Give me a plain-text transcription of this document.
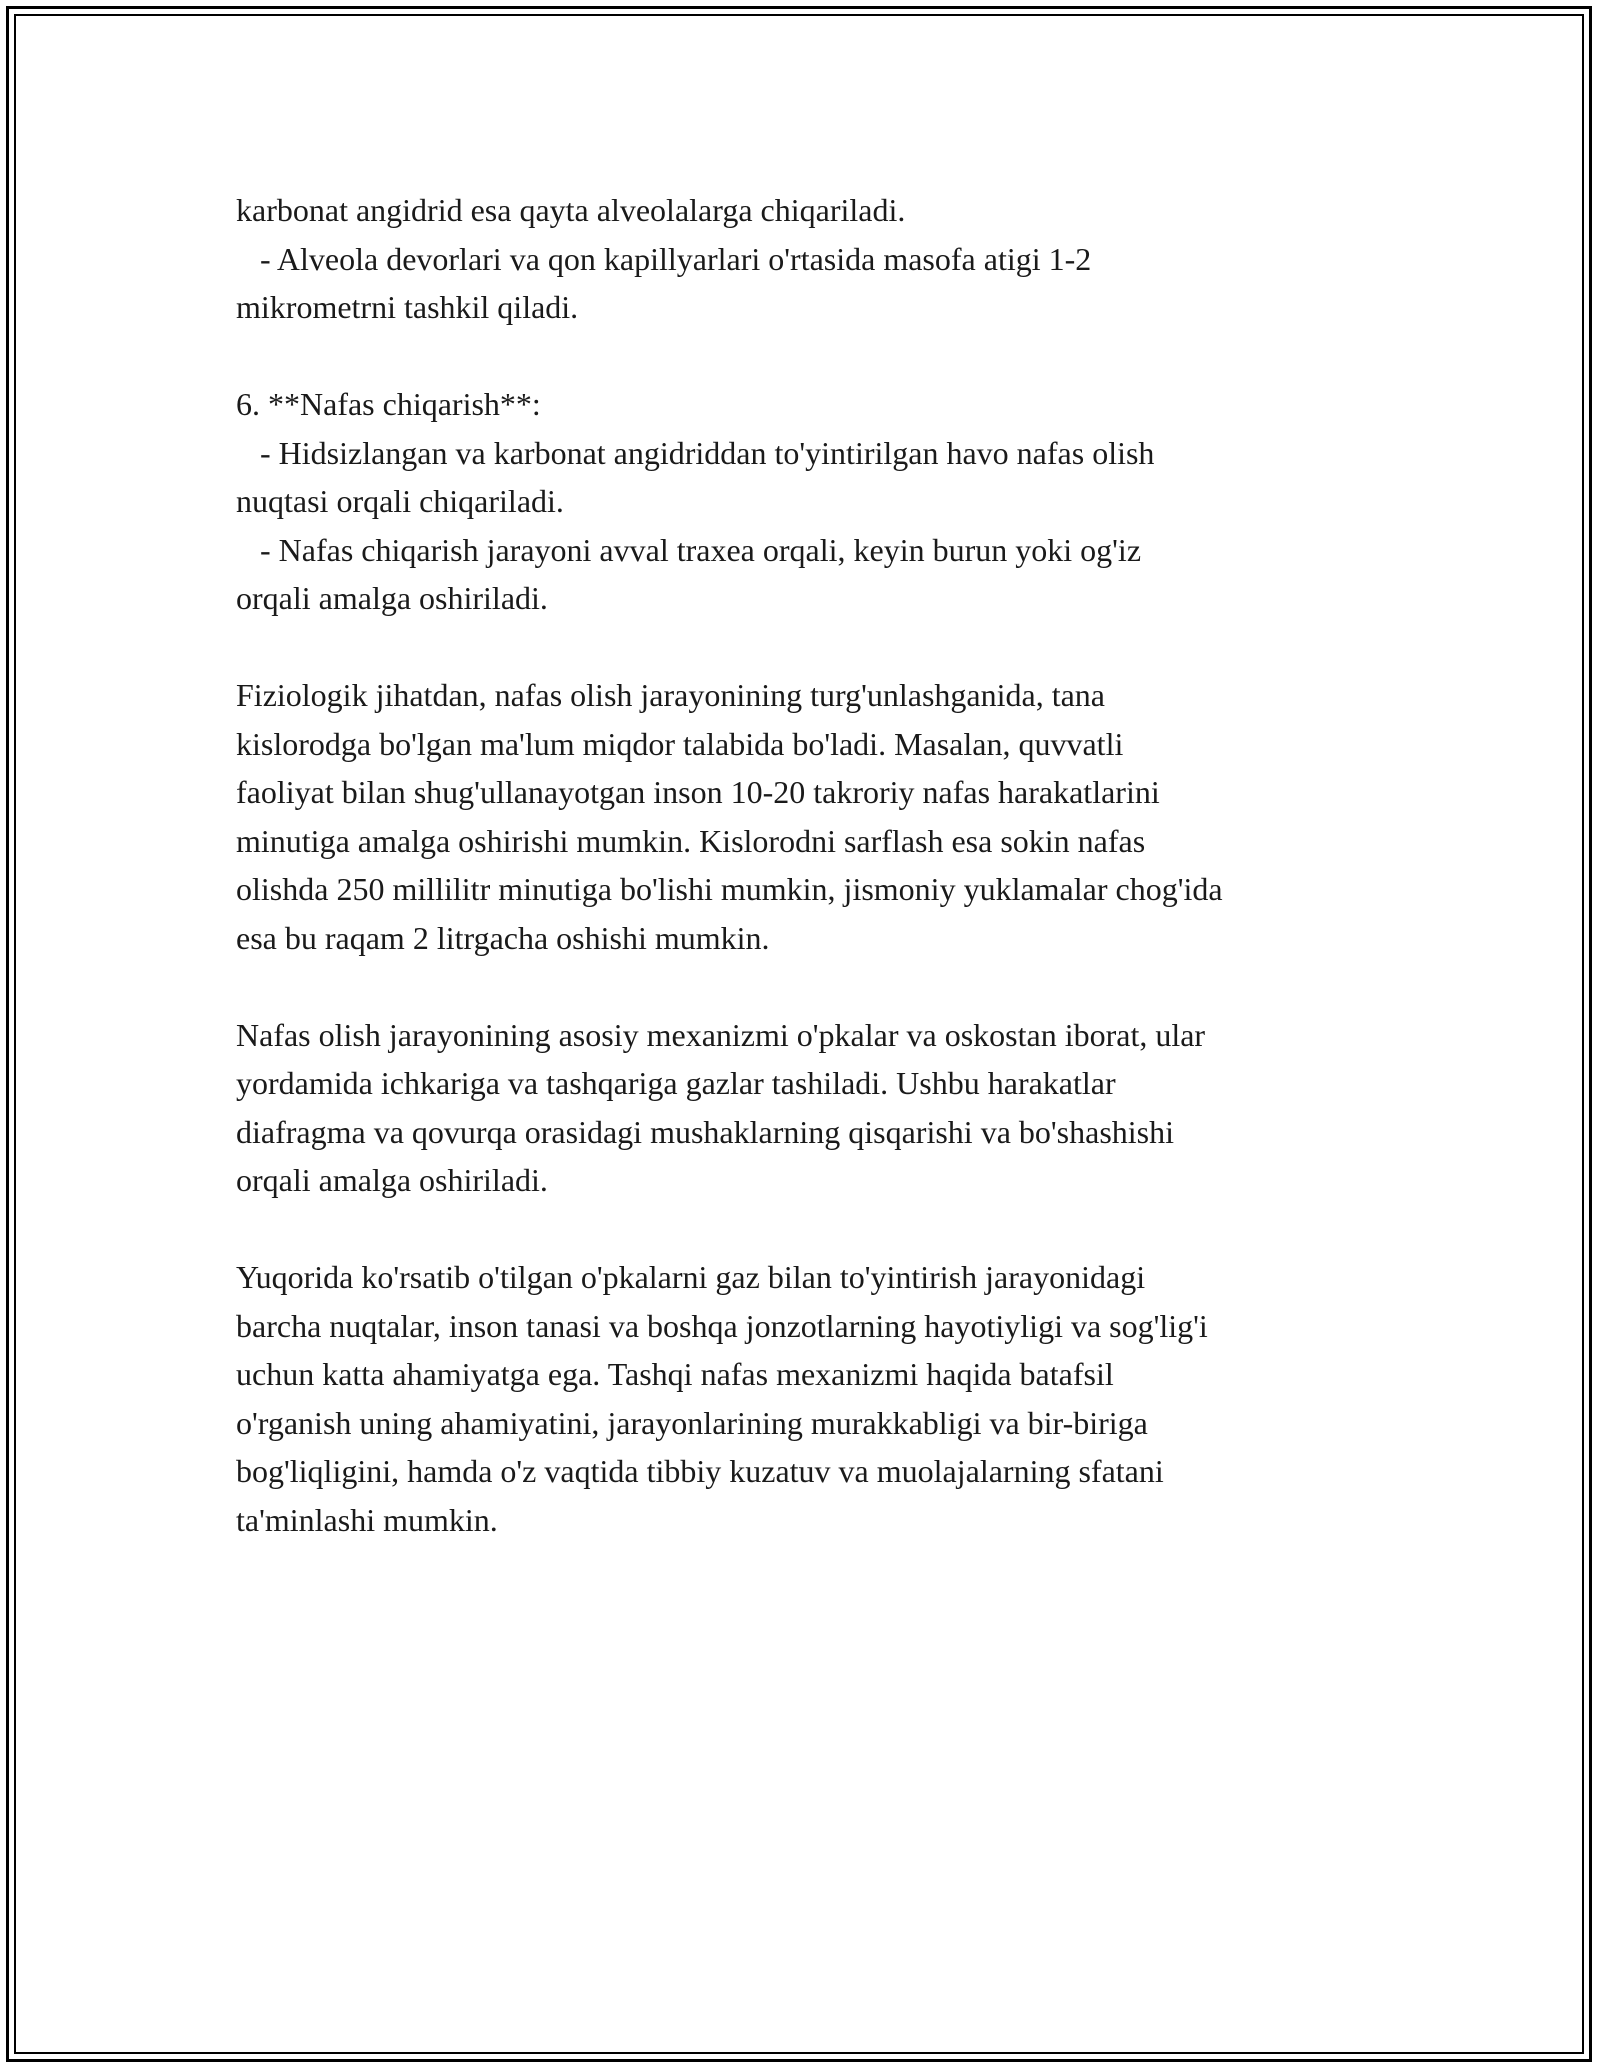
karbonat angidrid esa qayta alveolalarga chiqariladi.
- Alveola devorlari va qon kapillyarlari o'rtasida masofa atigi 1-2
mikrometrni tashkil qiladi.
6. **Nafas chiqarish**:
- Hidsizlangan va karbonat angidriddan to'yintirilgan havo nafas olish
nuqtasi orqali chiqariladi.
- Nafas chiqarish jarayoni avval traxea orqali, keyin burun yoki og'iz
orqali amalga oshiriladi.
Fiziologik jihatdan, nafas olish jarayonining turg'unlashganida, tana
kislorodga bo'lgan ma'lum miqdor talabida bo'ladi. Masalan, quvvatli
faoliyat bilan shug'ullanayotgan inson 10-20 takroriy nafas harakatlarini
minutiga amalga oshirishi mumkin. Kislorodni sarflash esa sokin nafas
olishda 250 millilitr minutiga bo'lishi mumkin, jismoniy yuklamalar chog'ida
esa bu raqam 2 litrgacha oshishi mumkin.
Nafas olish jarayonining asosiy mexanizmi o'pkalar va oskostan iborat, ular
yordamida ichkariga va tashqariga gazlar tashiladi. Ushbu harakatlar
diafragma va qovurqa orasidagi mushaklarning qisqarishi va bo'shashishi
orqali amalga oshiriladi.
Yuqorida ko'rsatib o'tilgan o'pkalarni gaz bilan to'yintirish jarayonidagi
barcha nuqtalar, inson tanasi va boshqa jonzotlarning hayotiyligi va sog'lig'i
uchun katta ahamiyatga ega. Tashqi nafas mexanizmi haqida batafsil
o'rganish uning ahamiyatini, jarayonlarining murakkabligi va bir-biriga
bog'liqligini, hamda o'z vaqtida tibbiy kuzatuv va muolajalarning sfatani
ta'minlashi mumkin.
